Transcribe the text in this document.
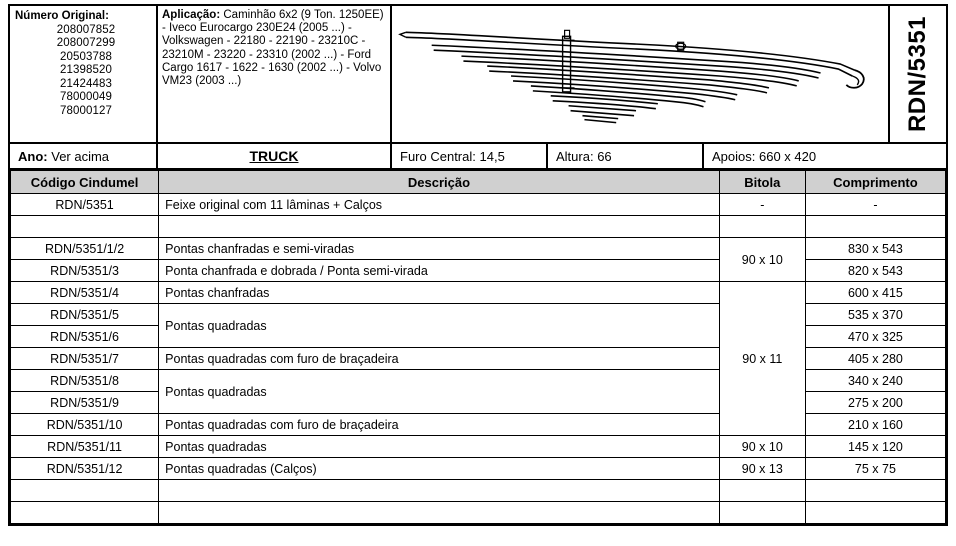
Número Original:
208007852
208007299
20503788
21398520
21424483
78000049
78000127
Aplicação: Caminhão 6x2 (9 Ton. 1250EE) - Iveco Eurocargo 230E24 (2005 ...) - Volkswagen - 22180 - 22190 - 23210C - 23210M - 23220 - 23310 (2002 ...) - Ford Cargo 1617 - 1622 - 1630 (2002 ...) - Volvo VM23 (2003 ...)	RDN/5351
Ano:
Ver acima	TRUCK	Furo Central:
14,5	Altura:
66	Apoios:
660 x 420
Código Cindumel	Descrição	Bitola	Comprimento
RDN/5351	Feixe original com 11 lâminas + Calços	-	-

RDN/5351/1/2	Pontas chanfradas e semi-viradas	90 x 10	830 x 543
RDN/5351/3	Ponta chanfrada e dobrada / Ponta semi-virada		820 x 543
RDN/5351/4	Pontas chanfradas	90 x 11	600 x 415
RDN/5351/5	Pontas quadradas		535 x 370
RDN/5351/6			470 x 325
RDN/5351/7	Pontas quadradas com furo de braçadeira		405 x 280
RDN/5351/8	Pontas quadradas		340 x 240
RDN/5351/9			275 x 200
RDN/5351/10	Pontas quadradas com furo de braçadeira		210 x 160
RDN/5351/11	Pontas quadradas	90 x 10	145 x 120
RDN/5351/12	Pontas quadradas (Calços)	90 x 13	75 x 75
